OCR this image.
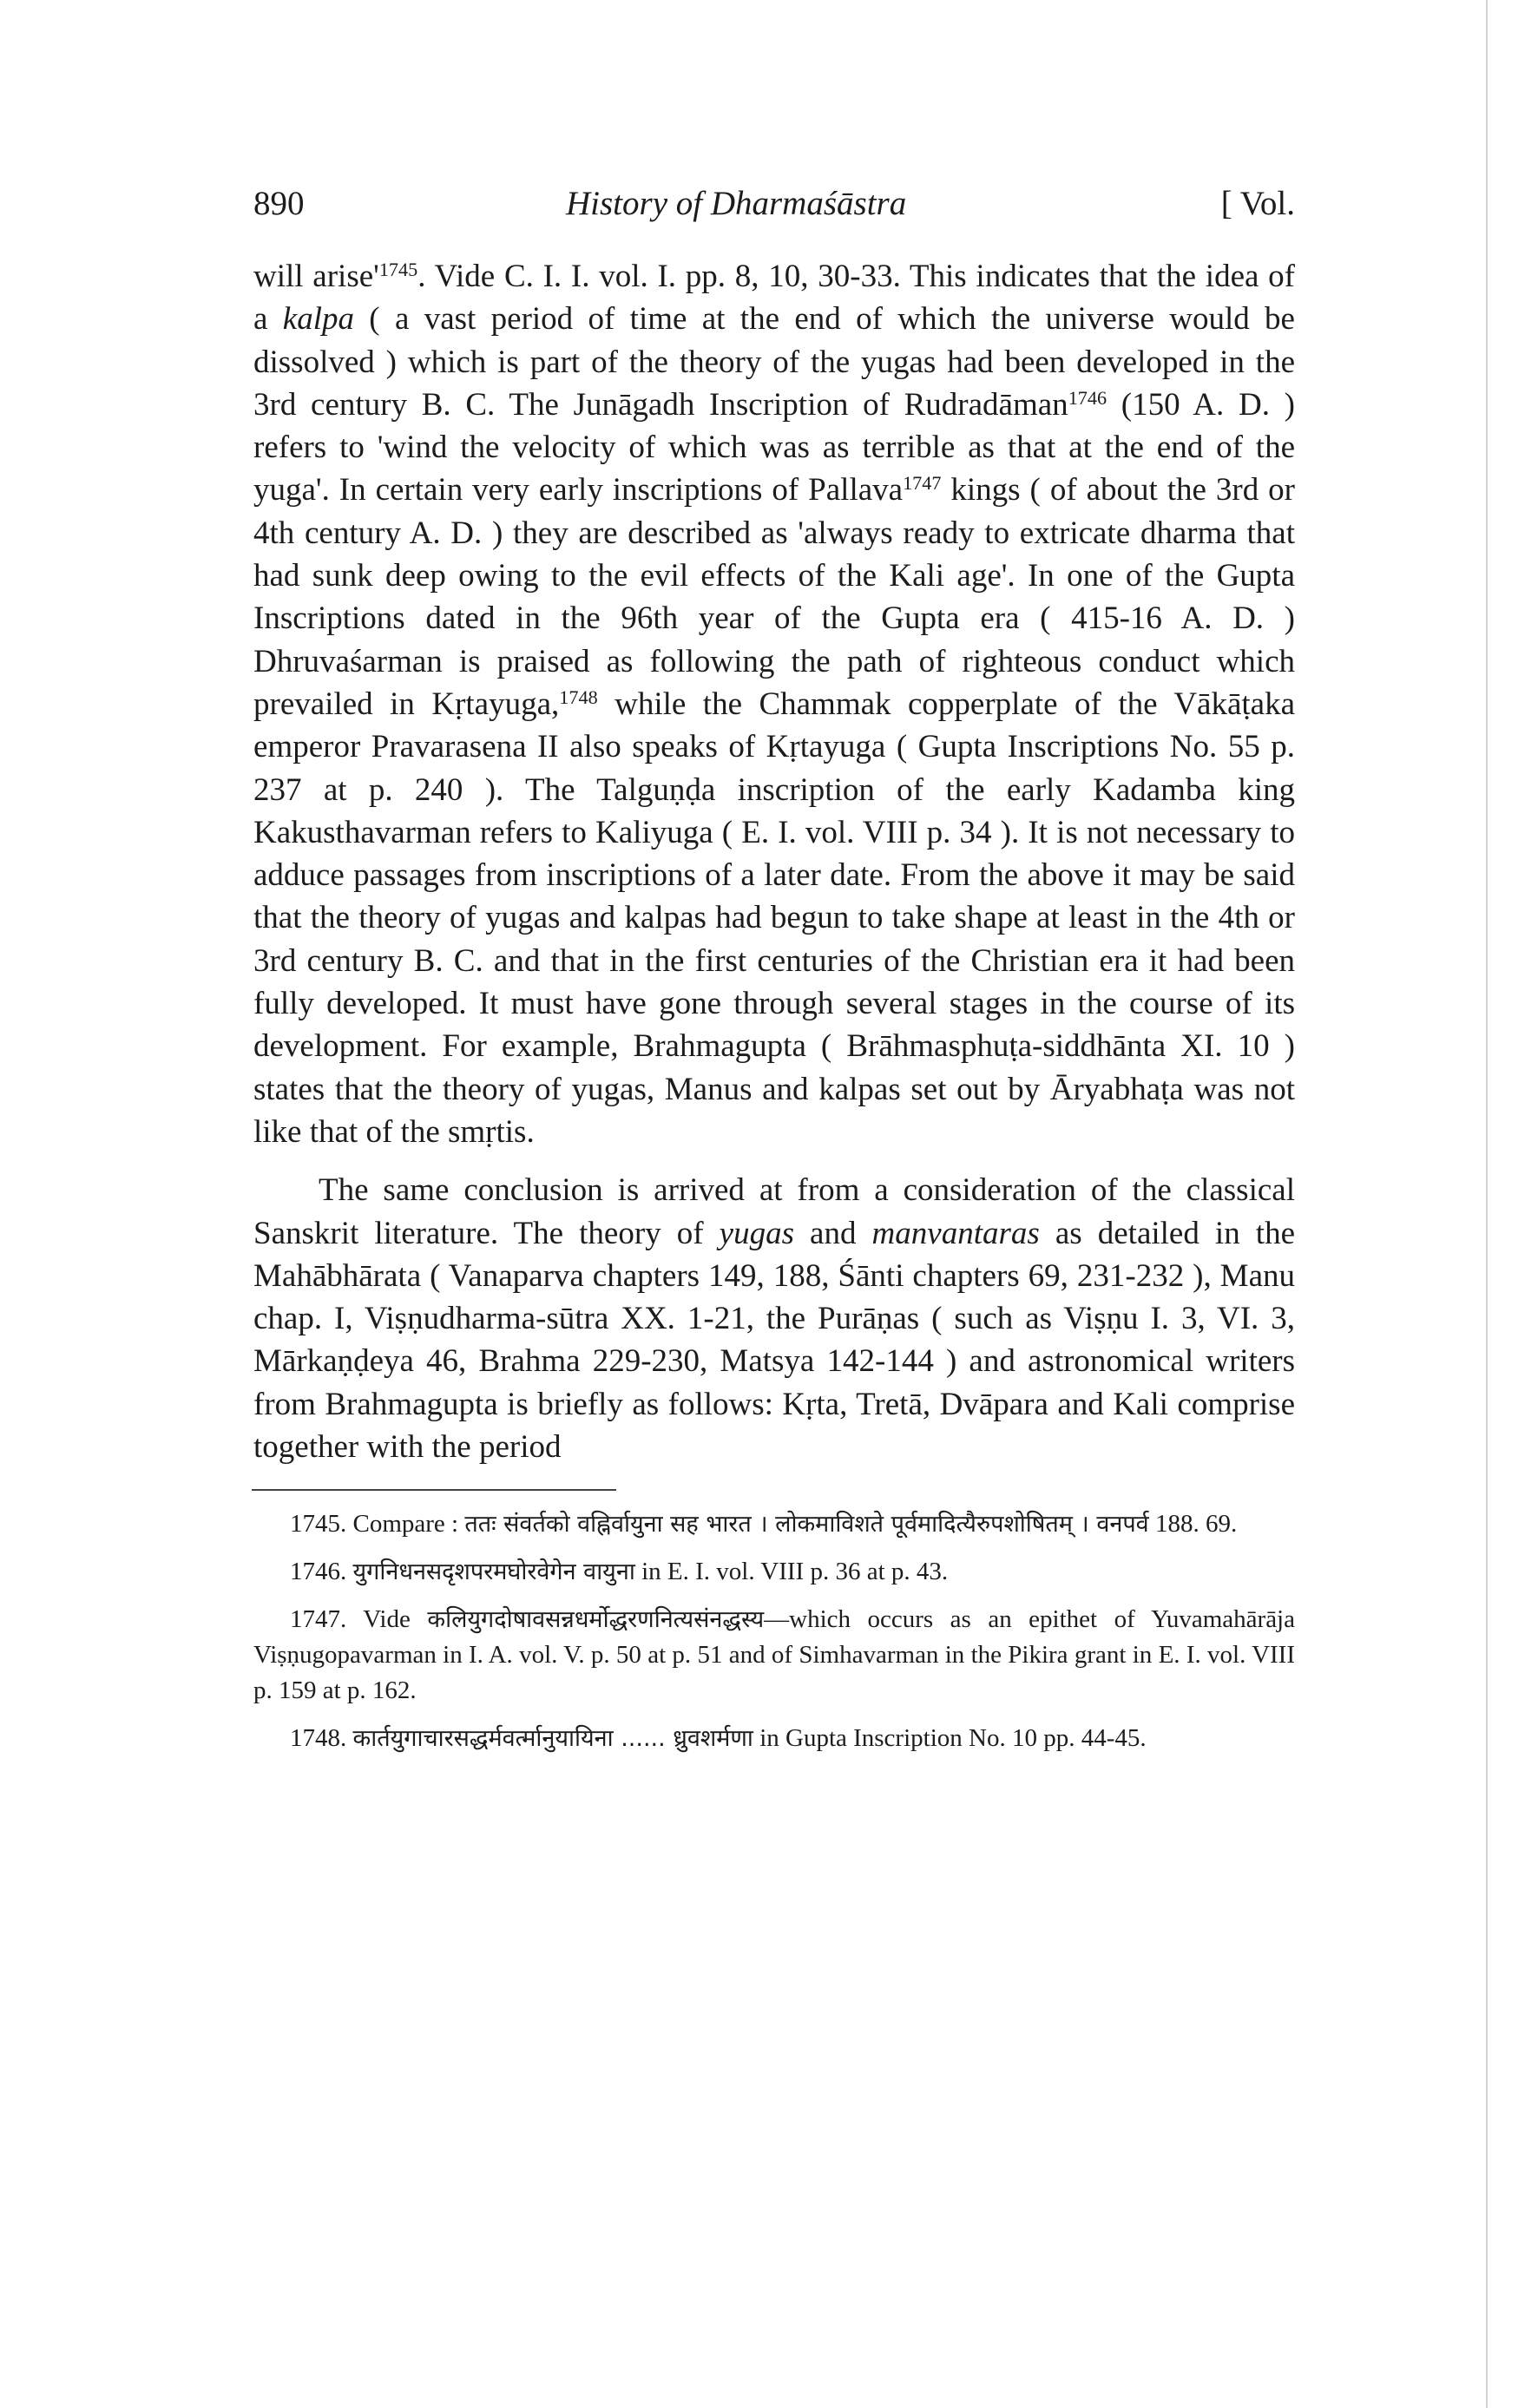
890	History of Dharmaśāstra	[ Vol.

will $arise'^{1745}$. Vide C. I. I. vol. I. pp. 8, 10, 30-33. This indicates that the idea of a kalpa ( a vast period of time at the end of which the universe would be dissolved ) which is part of the theory of the yugas had been developed in the 3rd century B. C. The Junāgadh Inscription of Rudradāman$^{1746}$ (150 A. D. ) refers to 'wind the velocity of which was as terrible as that at the end of the yuga'. In certain very early inscriptions of Pallava$^{1747}$ kings ( of about the 3rd or 4th century A. D. ) they are described as 'always ready to extricate dharma that had sunk deep owing to the evil effects of the Kali age'. In one of the Gupta Inscriptions dated in the 96th year of the Gupta era ( 415-16 A. D. ) Dhruvaśarman is praised as following the path of righteous conduct which prevailed in Kṛtayuga,$^{1748}$ while the Chammak copperplate of the Vākāṭaka emperor Pravarasena II also speaks of Kṛtayuga ( Gupta Inscriptions No. 55 p. 237 at p. 240 ). The Talguṇḍa inscription of the early Kadamba king Kakusthavarman refers to Kaliyuga ( E. I. vol. VIII p. 34 ). It is not necessary to adduce passages from inscriptions of a later date. From the above it may be said that the theory of yugas and kalpas had begun to take shape at least in the 4th or 3rd century B. C. and that in the first centuries of the Christian era it had been fully developed. It must have gone through several stages in the course of its development. For example, Brahmagupta ( Brāhmasphuṭa-siddhānta XI. 10 ) states that the theory of yugas, Manus and kalpas set out by Āryabhaṭa was not like that of the smṛtis.

The same conclusion is arrived at from a consideration of the classical Sanskrit literature. The theory of yugas and manvantaras as detailed in the Mahābhārata ( Vanaparva chapters 149, 188, Śānti chapters 69, 231-232 ), Manu chap. I, Viṣṇudharma-sūtra XX. 1-21, the Purāṇas ( such as Viṣṇu I. 3, VI. 3, Mārkaṇḍeya 46, Brahma 229-230, Matsya 142-144 ) and astronomical writers from Brahmagupta is briefly as follows: Kṛta, Tretā, Dvāpara and Kali comprise together with the period

1745. Compare : ततः संवर्तको वह्निर्वायुना सह भारत । लोकमाविशते पूर्वमादित्यैरुपशोषितम् । वनपर्व 188. 69.

1746. युगनिधनसदृशपरमघोरवेगेन वायुना in E. I. vol. VIII p. 36 at p. 43.

1747. Vide कलियुगदोषावसन्नधर्मोद्धरणनित्यसंनद्धस्य—which occurs as an epithet of Yuvamahārāja Viṣṇugopavarman in I. A. vol. V. p. 50 at p. 51 and of Simhavarman in the Pikira grant in E. I. vol. VIII p. 159 at p. 162.

1748. कार्तयुगाचारसद्धर्मवर्त्मानुयायिना ...... ध्रुवशर्मणा in Gupta Inscription No. 10 pp. 44-45.
